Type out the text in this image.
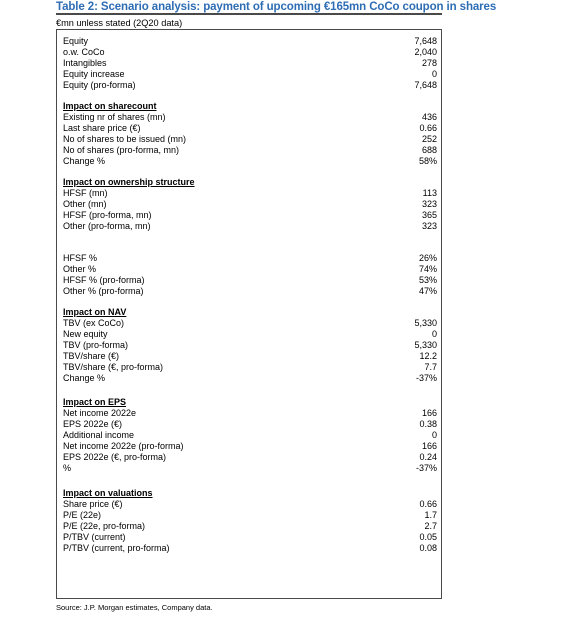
Table 2: Scenario analysis: payment of upcoming €165mn CoCo coupon in shares
€mn unless stated (2Q20 data)
Equity	7,648
o.w. CoCo	2,040
Intangibles	278
Equity increase	0
Equity (pro-forma)	7,648
Impact on sharecount
Existing nr of shares (mn)	436
Last share price (€)	0.66
No of shares to be issued (mn)	252
No of shares (pro-forma, mn)	688
Change %	58%
Impact on ownership structure
HFSF (mn)	113
Other (mn)	323
HFSF (pro-forma, mn)	365
Other (pro-forma, mn)	323
HFSF %	26%
Other %	74%
HFSF % (pro-forma)	53%
Other % (pro-forma)	47%
Impact on NAV
TBV (ex CoCo)	5,330
New equity	0
TBV (pro-forma)	5,330
TBV/share (€)	12.2
TBV/share (€, pro-forma)	7.7
Change %	-37%
Impact on EPS
Net income 2022e	166
EPS 2022e (€)	0.38
Additional income	0
Net income 2022e (pro-forma)	166
EPS 2022e (€, pro-forma)	0.24
%	-37%
Impact on valuations
Share price (€)	0.66
P/E (22e)	1.7
P/E (22e, pro-forma)	2.7
P/TBV (current)	0.05
P/TBV (current, pro-forma)	0.08
Source: J.P. Morgan estimates, Company data.
